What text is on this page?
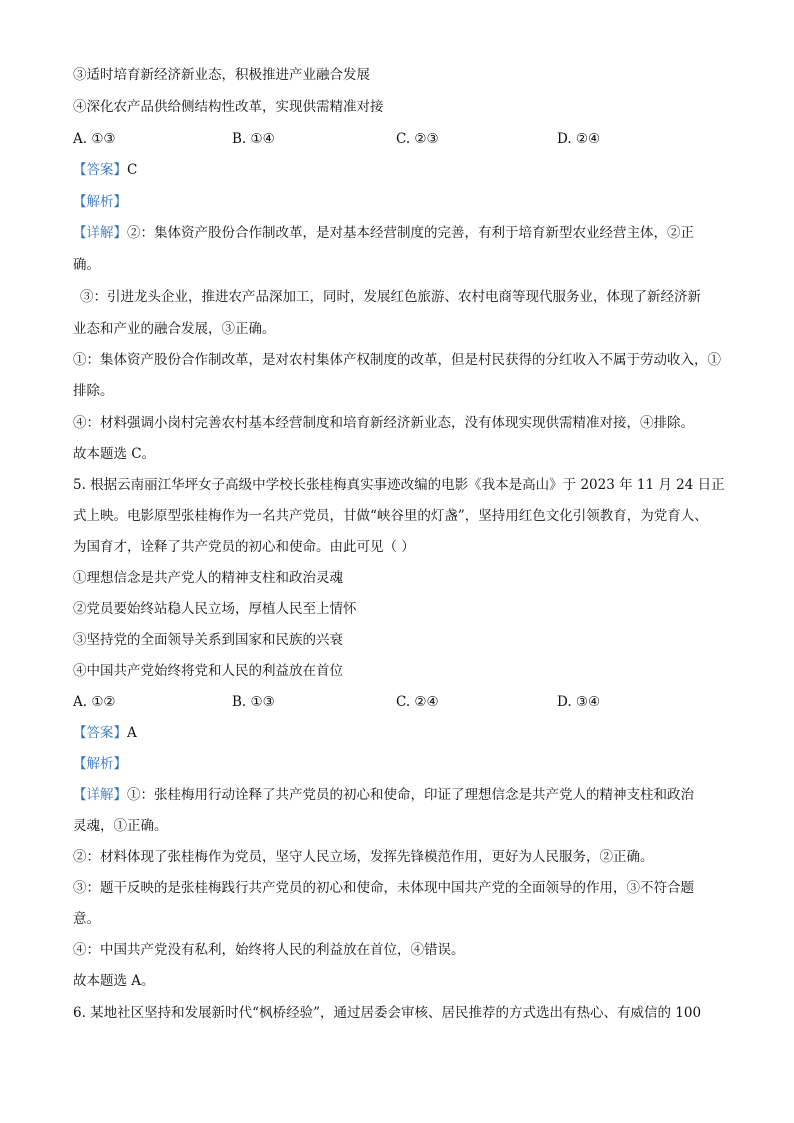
③适时培育新经济新业态，积极推进产业融合发展
④深化农产品供给侧结构性改革，实现供需精准对接
A. ①③	B. ①④	C. ②③	D. ②④
【答案】C
【解析】
【详解】②：集体资产股份合作制改革，是对基本经营制度的完善，有利于培育新型农业经营主体，②正
确。
③：引进龙头企业，推进农产品深加工，同时，发展红色旅游、农村电商等现代服务业，体现了新经济新
业态和产业的融合发展，③正确。
①：集体资产股份合作制改革，是对农村集体产权制度的改革，但是村民获得的分红收入不属于劳动收入，①
排除。
④：材料强调小岗村完善农村基本经营制度和培育新经济新业态，没有体现实现供需精准对接，④排除。
故本题选 C。
5. 根据云南丽江华坪女子高级中学校长张桂梅真实事迹改编的电影《我本是高山》于 2023 年 11 月 24 日正
式上映。电影原型张桂梅作为一名共产党员，甘做“峡谷里的灯盏”，坚持用红色文化引领教育，为党育人、
为国育才，诠释了共产党员的初心和使命。由此可见（ ）
①理想信念是共产党人的精神支柱和政治灵魂
②党员要始终站稳人民立场，厚植人民至上情怀
③坚持党的全面领导关系到国家和民族的兴衰
④中国共产党始终将党和人民的利益放在首位
A. ①②	B. ①③	C. ②④	D. ③④
【答案】A
【解析】
【详解】①：张桂梅用行动诠释了共产党员的初心和使命，印证了理想信念是共产党人的精神支柱和政治
灵魂，①正确。
②：材料体现了张桂梅作为党员，坚守人民立场，发挥先锋模范作用，更好为人民服务，②正确。
③：题干反映的是张桂梅践行共产党员的初心和使命，未体现中国共产党的全面领导的作用，③不符合题
意。
④：中国共产党没有私利，始终将人民的利益放在首位，④错误。
故本题选 A。
6. 某地社区坚持和发展新时代“枫桥经验”，通过居委会审核、居民推荐的方式选出有热心、有威信的 100
